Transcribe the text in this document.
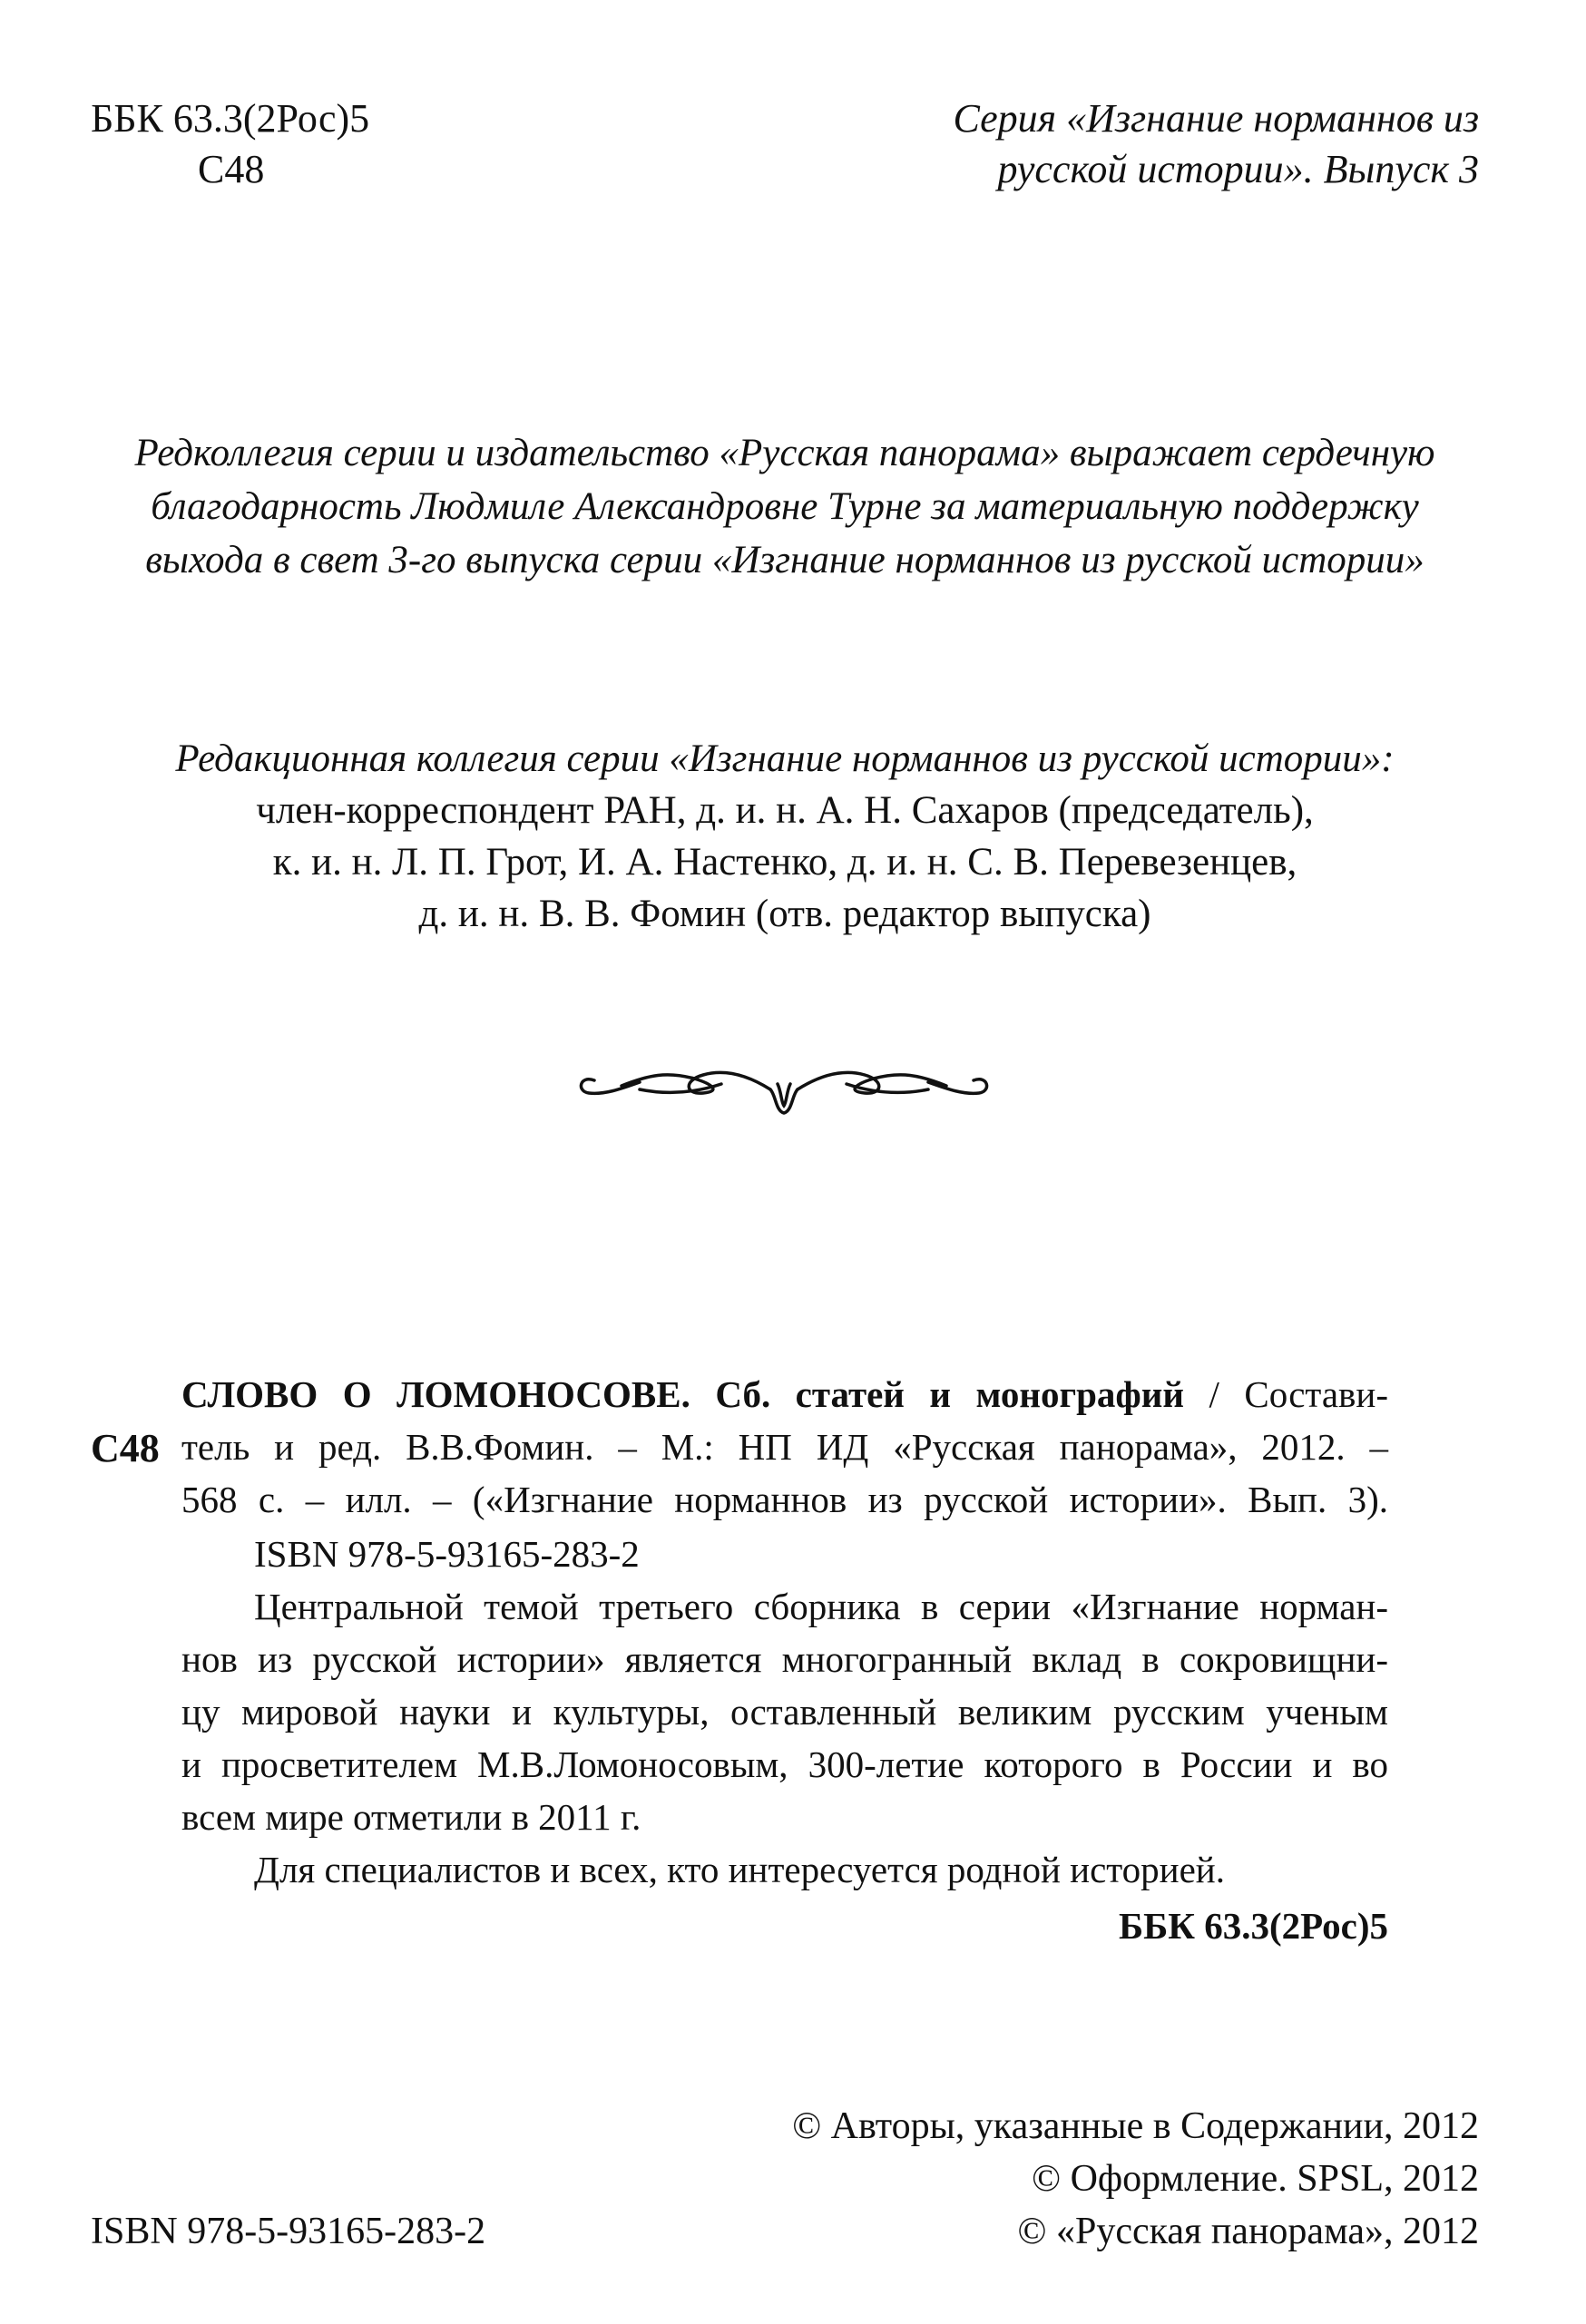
ББК 63.3(2Рос)5
С48
Серия «Изгнание норманнов из
русской истории». Выпуск 3
Редколлегия серии и издательство «Русская панорама» выражает сердечную
благодарность Людмиле Александровне Турне за материальную поддержку
выхода в свет 3-го выпуска серии «Изгнание норманнов из русской истории»
Редакционная коллегия серии «Изгнание норманнов из русской истории»:
член-корреспондент РАН, д. и. н. А. Н. Сахаров (председатель),
к. и. н. Л. П. Грот, И. А. Настенко, д. и. н. С. В. Перевезенцев,
д. и. н. В. В. Фомин (отв. редактор выпуска)
С48
СЛОВО О ЛОМОНОСОВЕ. Сб. статей и монографий / Состави-
тель и ред. В.В.Фомин. – М.: НП ИД «Русская панорама», 2012. –
568 с. – илл. – («Изгнание норманнов из русской истории». Вып. 3).
ISBN 978-5-93165-283-2
Центральной темой третьего сборника в серии «Изгнание норман-
нов из русской истории» является многогранный вклад в сокровищни-
цу мировой науки и культуры, оставленный великим русским ученым
и просветителем М.В.Ломоносовым, 300-летие которого в России и во
всем мире отметили в 2011 г.
Для специалистов и всех, кто интересуется родной историей.
ББК 63.3(2Рос)5
© Авторы, указанные в Содержании, 2012
© Оформление. SPSL, 2012
© «Русская панорама», 2012
ISBN 978-5-93165-283-2
